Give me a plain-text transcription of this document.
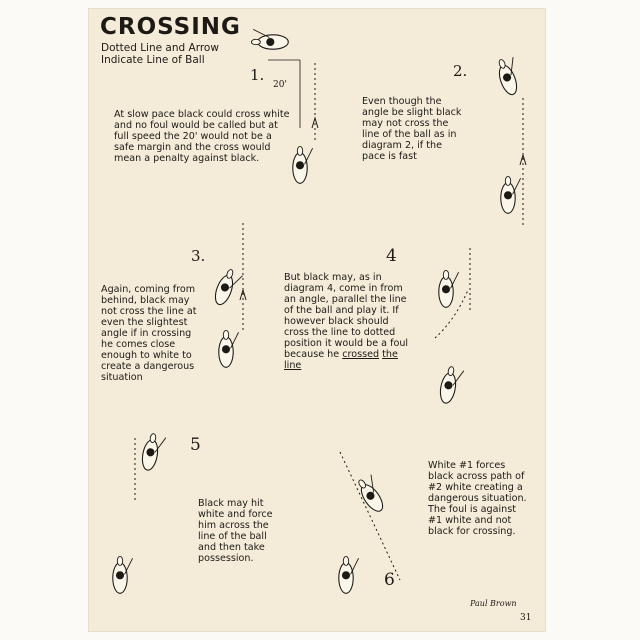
CROSSING
Dotted Line and Arrow
Indicate Line of Ball
1.	2.
3.	4
5
6
20'
At slow pace black could cross white and no foul would be called but at full speed the 20' would not be a safe margin and the cross would mean a penalty against black.
Even though the angle be slight black may not cross the line of the ball as in diagram 2, if the pace is fast
Again, coming from behind, black may not cross the line at even the slightest angle if in crossing he comes close enough to white to create a dangerous situation
But black may, as in diagram 4, come in from an angle, parallel the line of the ball and play it. If however black should cross the line to dotted position it would be a foul because he crossed the line
Black may hit white and force him across the line of the ball and then take possession.
White #1 forces black across path of #2 white creating a dangerous situation. The foul is against #1 white and not black for crossing.
Paul Brown
31
